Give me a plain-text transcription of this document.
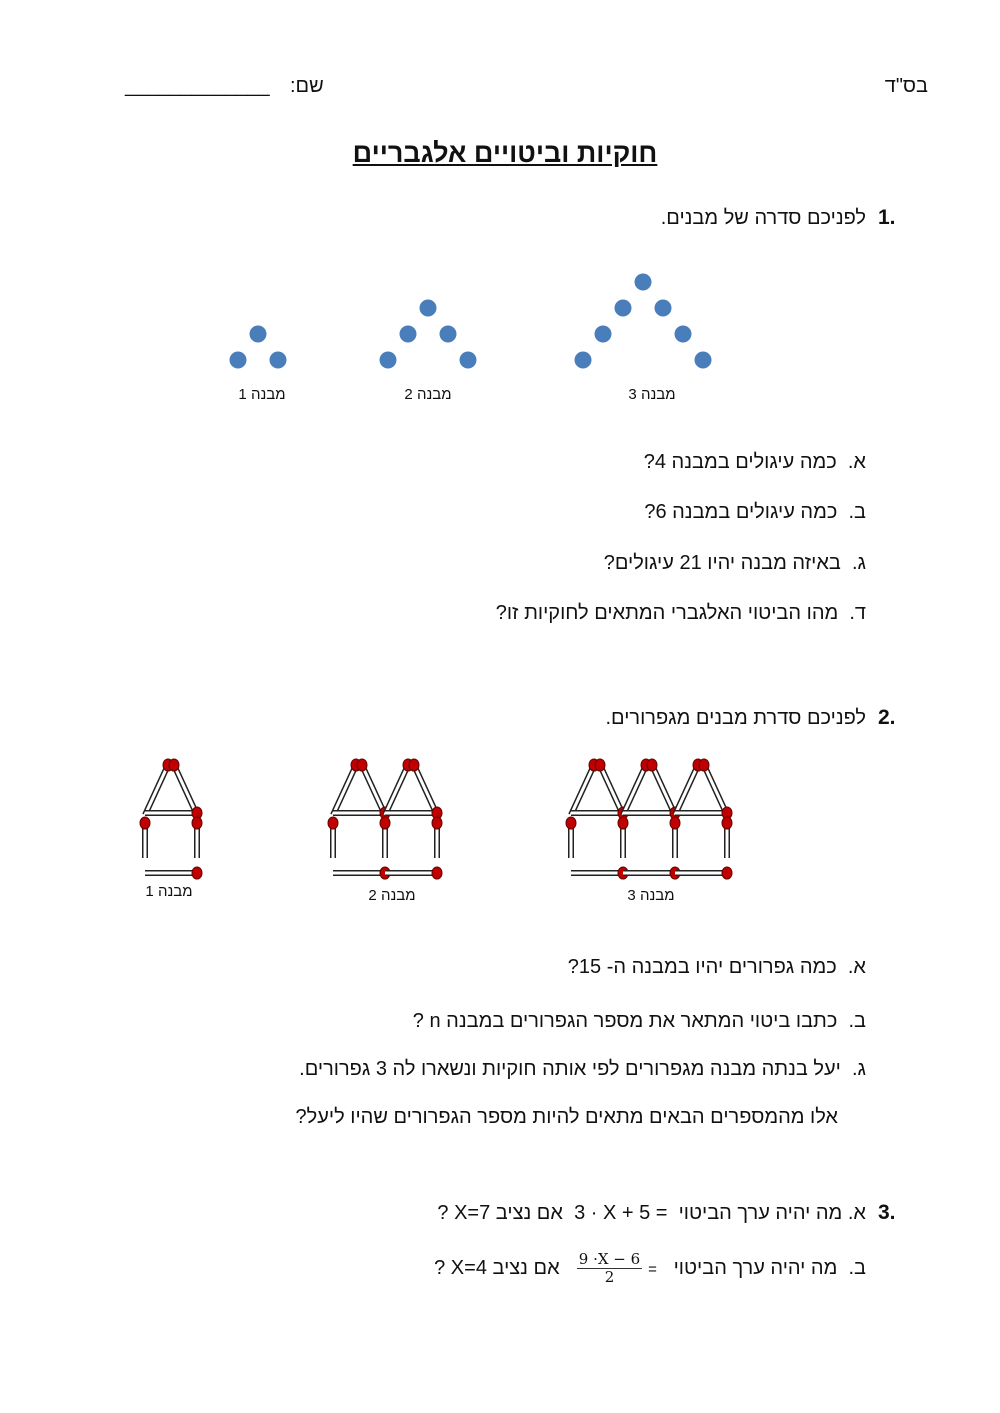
בס"ד
שם:
_____________
חוקיות וביטויים אלגבריים
1.
לפניכם סדרה של מבנים.
מבנה 1	מבנה 2	מבנה 3
א.  כמה עיגולים במבנה 4?
ב.  כמה עיגולים במבנה 6?
ג.  באיזה מבנה יהיו 21 עיגולים?
ד.  מהו הביטוי האלגברי המתאים לחוקיות זו?
2.
לפניכם סדרת מבנים מגפרורים.
מבנה 1	מבנה 2	מבנה 3
א.  כמה גפרורים יהיו במבנה ה- 15?
ב.  כתבו ביטוי המתאר את מספר הגפרורים במבנה n ?
ג.  יעל בנתה מבנה מגפרורים לפי אותה חוקיות ונשארו לה 3 גפרורים.
אלו מהמספרים הבאים מתאים להיות מספר הגפרורים שהיו ליעל?
3.
א. מה יהיה ערך הביטוי  3 · X + 5 =  אם נציב X=7 ?
ב.  מה יהיה ערך הביטוי   =
$\frac{9 \cdot X - 6}{2}$
אם נציב X=4 ?
